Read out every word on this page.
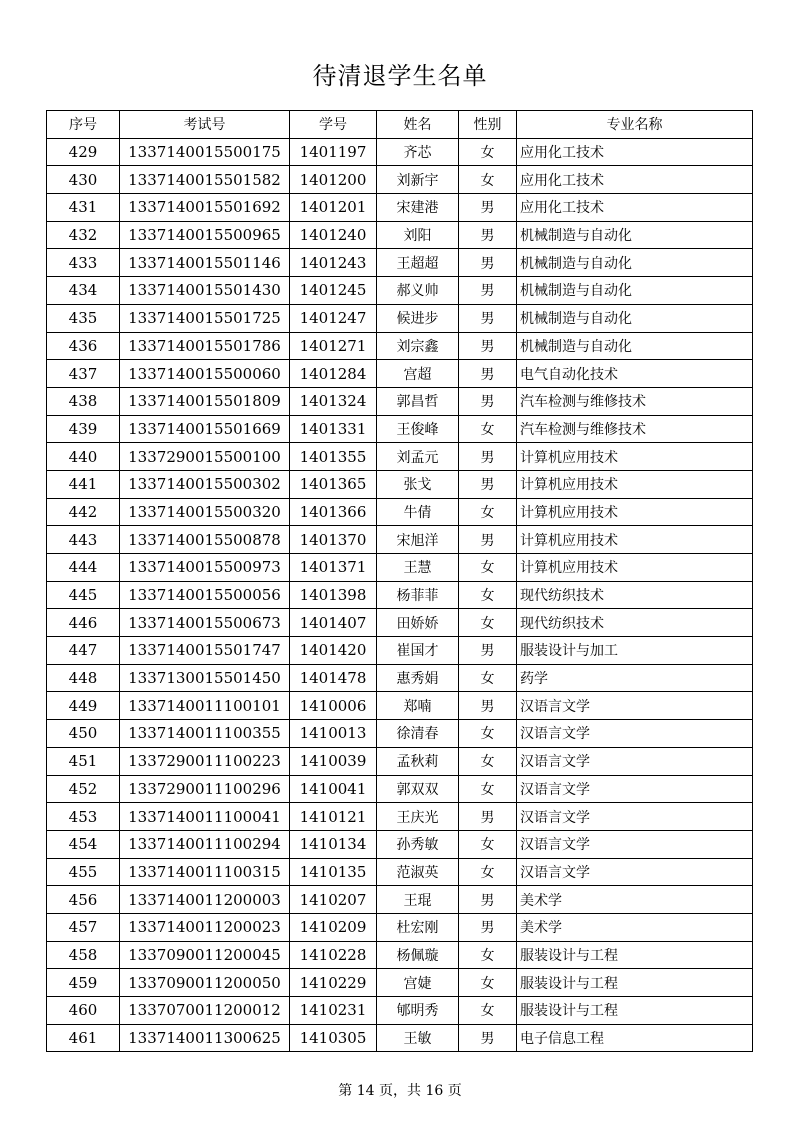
待清退学生名单
序号	考试号	学号	姓名	性别	专业名称
429	1337140015500175	1401197	齐芯	女	应用化工技术
430	1337140015501582	1401200	刘新宇	女	应用化工技术
431	1337140015501692	1401201	宋建港	男	应用化工技术
432	1337140015500965	1401240	刘阳	男	机械制造与自动化
433	1337140015501146	1401243	王超超	男	机械制造与自动化
434	1337140015501430	1401245	郝义帅	男	机械制造与自动化
435	1337140015501725	1401247	候进步	男	机械制造与自动化
436	1337140015501786	1401271	刘宗鑫	男	机械制造与自动化
437	1337140015500060	1401284	宫超	男	电气自动化技术
438	1337140015501809	1401324	郭昌哲	男	汽车检测与维修技术
439	1337140015501669	1401331	王俊峰	女	汽车检测与维修技术
440	1337290015500100	1401355	刘孟元	男	计算机应用技术
441	1337140015500302	1401365	张戈	男	计算机应用技术
442	1337140015500320	1401366	牛倩	女	计算机应用技术
443	1337140015500878	1401370	宋旭洋	男	计算机应用技术
444	1337140015500973	1401371	王慧	女	计算机应用技术
445	1337140015500056	1401398	杨菲菲	女	现代纺织技术
446	1337140015500673	1401407	田娇娇	女	现代纺织技术
447	1337140015501747	1401420	崔国才	男	服装设计与加工
448	1337130015501450	1401478	惠秀娟	女	药学
449	1337140011100101	1410006	郑喃	男	汉语言文学
450	1337140011100355	1410013	徐清春	女	汉语言文学
451	1337290011100223	1410039	孟秋莉	女	汉语言文学
452	1337290011100296	1410041	郭双双	女	汉语言文学
453	1337140011100041	1410121	王庆光	男	汉语言文学
454	1337140011100294	1410134	孙秀敏	女	汉语言文学
455	1337140011100315	1410135	范淑英	女	汉语言文学
456	1337140011200003	1410207	王琨	男	美术学
457	1337140011200023	1410209	杜宏刚	男	美术学
458	1337090011200045	1410228	杨佩璇	女	服装设计与工程
459	1337090011200050	1410229	宫婕	女	服装设计与工程
460	1337070011200012	1410231	郇明秀	女	服装设计与工程
461	1337140011300625	1410305	王敏	男	电子信息工程
第 14 页，共 16 页
